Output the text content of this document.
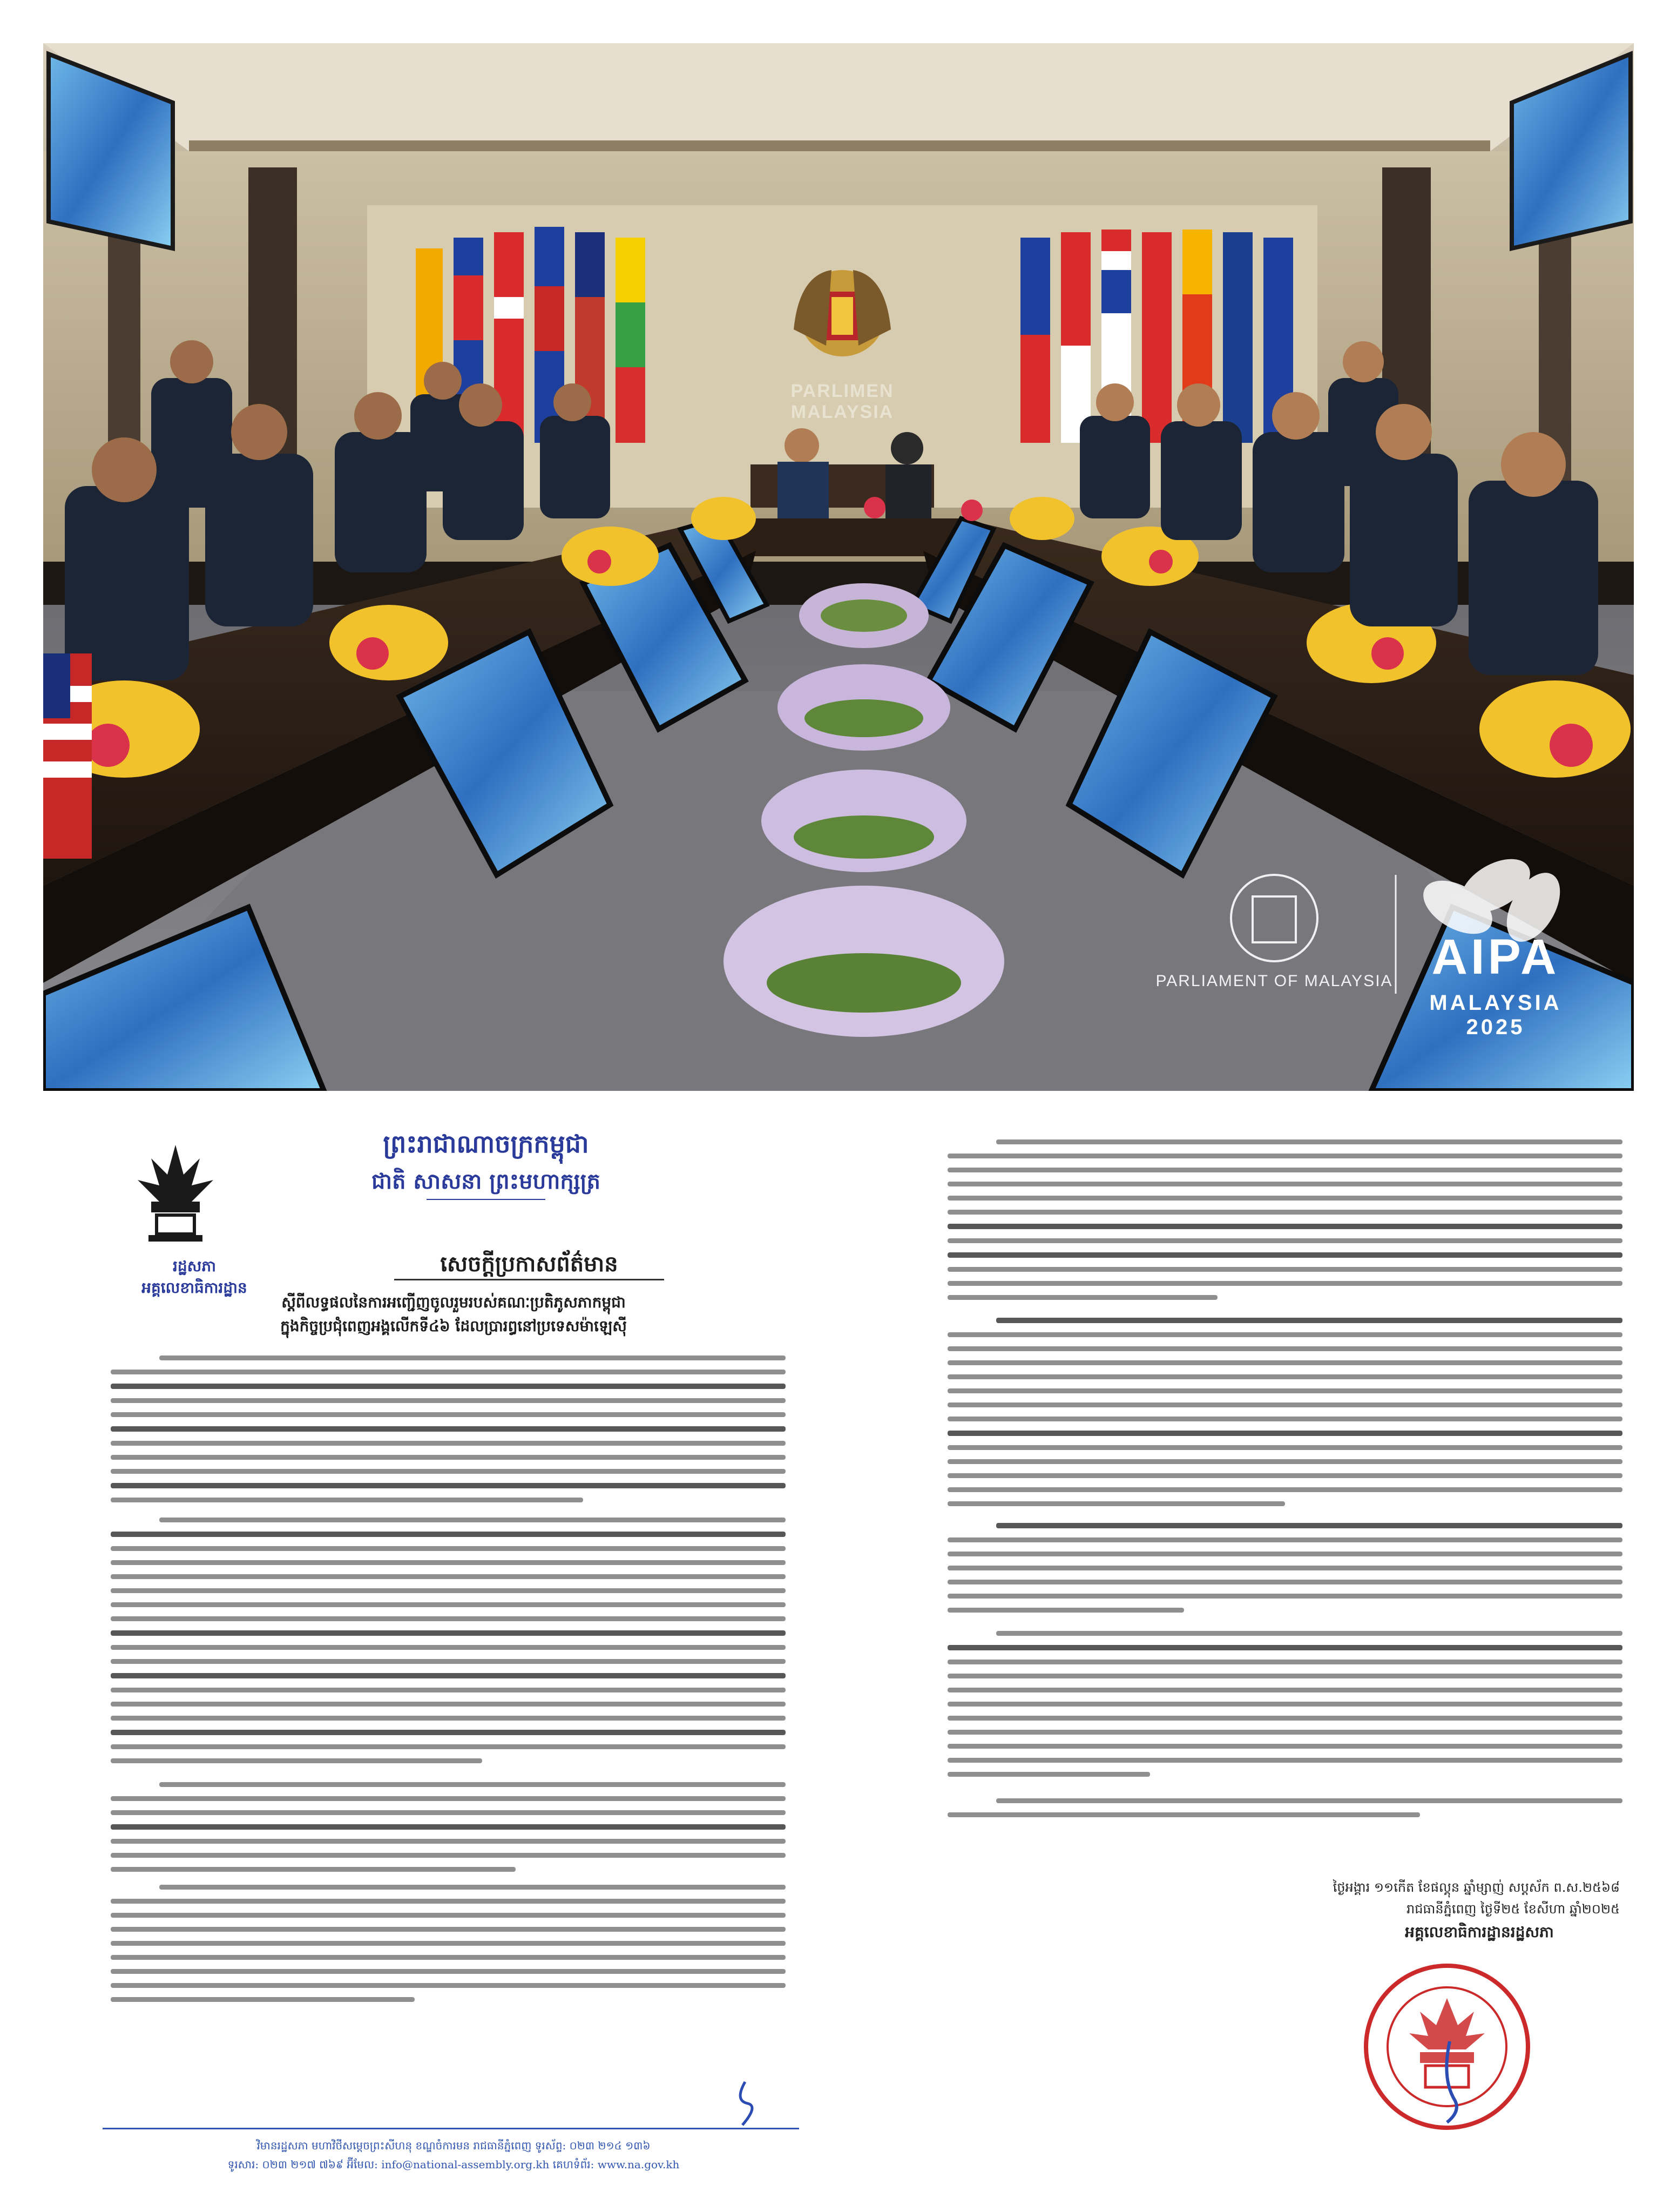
PARLIMEN MALAYSIA
PARLIAMENT OF MALAYSIA AIPA
MALAYSIA 2025
ព្រះរាជាណាចក្រកម្ពុជា
ជាតិ សាសនា ព្រះមហាក្សត្រ
រដ្ឋសភា
អគ្គលេខាធិការដ្ឋាន
សេចក្ដីប្រកាសព័ត៌មាន
ស្ដីពីលទ្ធផលនៃការអញ្ជើញចូលរួមរបស់គណៈប្រតិភូសភាកម្ពុជា
ក្នុងកិច្ចប្រជុំពេញអង្គលើកទី៤៦ ដែលប្រារព្ធនៅប្រទេសម៉ាឡេស៊ី
វិមានរដ្ឋសភា មហាវិថីសម្ដេចព្រះសីហនុ ខណ្ឌចំការមន រាជធានីភ្នំពេញ ទូរស័ព្ទ: ០២៣ ២១៤ ១៣៦
ទូរសារ: ០២៣ ២១៧ ៧៦៩ អ៊ីមែល: info@national-assembly.org.kh គេហទំព័រ: www.na.gov.kh
ថ្ងៃអង្គារ ១១កើត ខែផល្គុន ឆ្នាំម្សាញ់ សប្តស័ក ព.ស.២៥៦៨
រាជធានីភ្នំពេញ ថ្ងៃទី២៥ ខែសីហា ឆ្នាំ២០២៥
អគ្គលេខាធិការដ្ឋានរដ្ឋសភា
